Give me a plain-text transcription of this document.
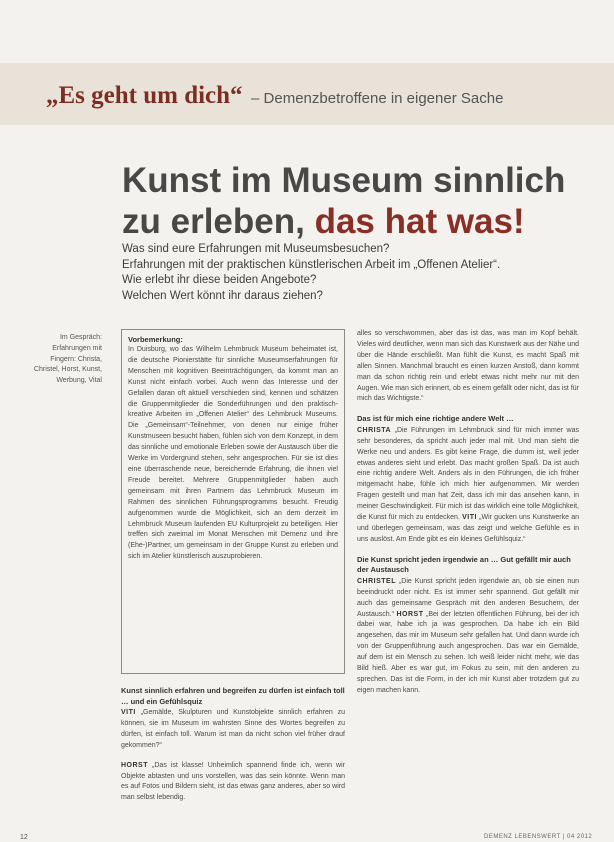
„Es geht um dich“ – Demenzbetroffene in eigener Sache
Kunst im Museum sinnlich
zu erleben, das hat was!
Was sind eure Erfahrungen mit Museumsbesuchen?
Erfahrungen mit der praktischen künstlerischen Arbeit im „Offenen Atelier“.
Wie erlebt ihr diese beiden Angebote?
Welchen Wert könnt ihr daraus ziehen?
Im Gespräch: Erfahrungen mit Fingern: Christa, Christel, Horst, Kunst, Werbung, Vital
Vorbemerkung:
In Duisburg, wo das Wilhelm Lehmbruck Museum beheimatet ist, die deutsche Pionierstätte für sinnliche Museumserfahrungen für Menschen mit kognitiven Beeinträchtigungen, da kommt man an Kunst nicht einfach vorbei. Auch wenn das Interesse und der Gefallen daran oft aktuell verschieden sind, kennen und schätzen die Gruppenmitglieder die Sonderführungen und den praktisch-kreative Arbeiten im „Offenen Atelier“ des Lehmbruck Museums. Die „Gemeinsam“-Teilnehmer, von denen nur einige früher Kunstmuseen besucht haben, fühlen sich von dem Konzept, in dem das sinnliche und emotionale Erleben sowie der Austausch über die Werke im Vordergrund stehen, sehr angesprochen. Für sie ist dies eine überraschende neue, bereichernde Erfahrung, die ihnen viel Freude bereitet. Mehrere Gruppenmitglieder haben auch gemeinsam mit ihren Partnern das Lehmbruck Museum im Rahmen des sinnlichen Führungsprogramms besucht. Freudig aufgenommen wurde die Möglichkeit, sich an dem derzeit im Lehmbruck Museum laufenden EU Kulturprojekt zu beteiligen. Hier treffen sich zweimal im Monat Menschen mit Demenz und ihre (Ehe-)Partner, um gemeinsam in der Gruppe Kunst zu erleben und sich im Atelier künstlerisch auszuprobieren.
Kunst sinnlich erfahren und begreifen zu dürfen ist einfach toll … und ein Gefühlsquiz

VITI „Gemälde, Skulpturen und Kunstobjekte sinnlich erfahren zu können, sie im Museum im wahrsten Sinne des Wortes begreifen zu dürfen, ist einfach toll. Warum ist man da nicht schon viel früher drauf gekommen?“

HORST „Das ist klasse! Unheimlich spannend finde ich, wenn wir Objekte abtasten und uns vorstellen, was das sein könnte. Wenn man es auf Fotos und Bildern sieht, ist das etwas ganz anderes, aber so wird man selbst lebendig.

alles so verschwommen, aber das ist das, was man im Kopf behält. Vieles wird deutlicher, wenn man sich das Kunstwerk aus der Nähe und über die Hände erschließt. Man fühlt die Kunst, es macht Spaß mit allen Sinnen. Manchmal braucht es einen kurzen Anstoß, dann kommt man da schon richtig rein und erlebt etwas nicht mehr nur mit den Augen. Wie man sich erinnert, ob es einem gefällt oder nicht, das ist für mich das Wichtigste.“

Das ist für mich eine richtige andere Welt …

CHRISTA „Die Führungen im Lehmbruck sind für mich immer was sehr besonderes, da spricht auch jeder mal mit. Und man sieht die Werke neu und anders. Es gibt keine Frage, die dumm ist, weil jeder etwas anderes sieht und erlebt. Das macht großen Spaß. Da ist auch eine richtig andere Welt. Anders als in den Führungen, die ich früher mitgemacht habe, fühle ich mich hier aufgenommen. Mir werden Fragen gestellt und man hat Zeit, dass ich mir das ansehen kann, in meiner Geschwindigkeit. Für mich ist das wirklich eine tolle Möglichkeit, die Kunst für mich zu entdecken. VITI „Wir gucken uns Kunstwerke an und überlegen gemeinsam, was das zeigt und welche Gefühle es in uns auslöst. Am Ende gibt es ein kleines Gefühlsquiz.“

Die Kunst spricht jeden irgendwie an … Gut gefällt mir auch der Austausch

CHRISTEL „Die Kunst spricht jeden irgendwie an, ob sie einen nun beeindruckt oder nicht. Es ist immer sehr spannend. Gut gefällt mir auch das gemeinsame Gespräch mit den anderen Besuchern, der Austausch.“ HORST „Bei der letzten öffentlichen Führung, bei der ich dabei war, habe ich ja was gesprochen. Da habe ich ein Bild angesehen, das mir im Museum sehr gefallen hat. Und dann wurde ich von der Gruppenführung auch angesprochen. Das war ein Gemälde, auf dem ist ein Mensch zu sehen. Ich weiß leider nicht mehr, wie das Bild hieß. Aber es war gut, im Fokus zu sein, mit den anderen zu sprechen. Das ist die Form, in der ich mir Kunst aber trotzdem gut zu eigen machen kann.

12	DEMENZ LEBENSWERT | 04 2012
